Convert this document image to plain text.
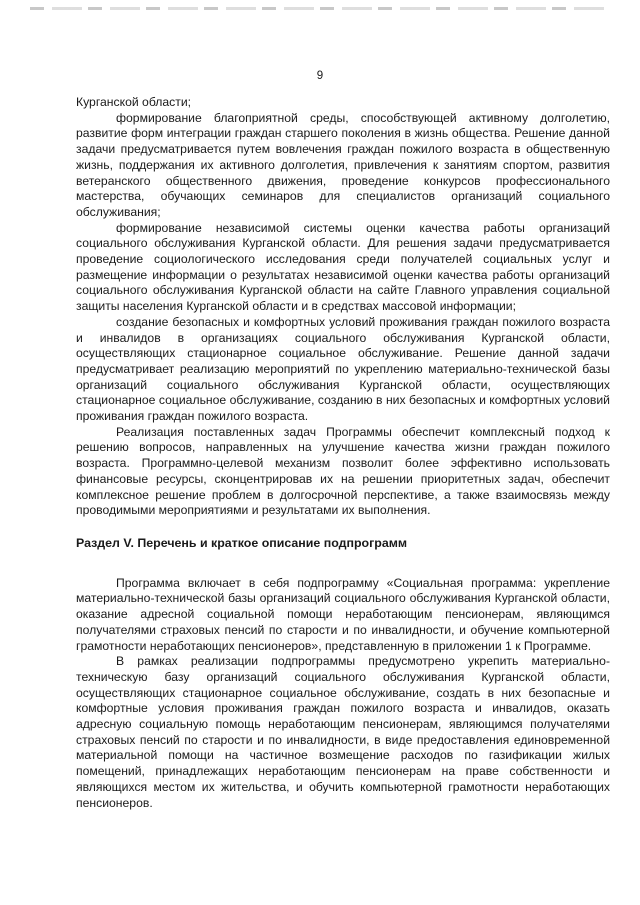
9

Курганской области;

формирование благоприятной среды, способствующей активному долголетию, развитие форм интеграции граждан старшего поколения в жизнь общества. Решение данной задачи предусматривается путем вовлечения граждан пожилого возраста в общественную жизнь, поддержания их активного долголетия, привлечения к занятиям спортом, развития ветеранского общественного движения, проведение конкурсов профессионального мастерства, обучающих семинаров для специалистов организаций социального обслуживания;

формирование независимой системы оценки качества работы организаций социального обслуживания Курганской области. Для решения задачи предусматривается проведение социологического исследования среди получателей социальных услуг и размещение информации о результатах независимой оценки качества работы организаций социального обслуживания Курганской области на сайте Главного управления социальной защиты населения Курганской области и в средствах массовой информации;

создание безопасных и комфортных условий проживания граждан пожилого возраста и инвалидов в организациях социального обслуживания Курганской области, осуществляющих стационарное социальное обслуживание. Решение данной задачи предусматривает реализацию мероприятий по укреплению материально-технической базы организаций социального обслуживания Курганской области, осуществляющих стационарное социальное обслуживание, созданию в них безопасных и комфортных условий проживания граждан пожилого возраста.

Реализация поставленных задач Программы обеспечит комплексный подход к решению вопросов, направленных на улучшение качества жизни граждан пожилого возраста. Программно-целевой механизм позволит более эффективно использовать финансовые ресурсы, сконцентрировав их на решении приоритетных задач, обеспечит комплексное решение проблем в долгосрочной перспективе, а также взаимосвязь между проводимыми мероприятиями и результатами их выполнения.

Раздел V. Перечень и краткое описание подпрограмм

Программа включает в себя подпрограмму «Социальная программа: укрепление материально-технической базы организаций социального обслуживания Курганской области, оказание адресной социальной помощи неработающим пенсионерам, являющимся получателями страховых пенсий по старости и по инвалидности, и обучение компьютерной грамотности неработающих пенсионеров», представленную в приложении 1 к Программе.

В рамках реализации подпрограммы предусмотрено укрепить материально-техническую базу организаций социального обслуживания Курганской области, осуществляющих стационарное социальное обслуживание, создать в них безопасные и комфортные условия проживания граждан пожилого возраста и инвалидов, оказать адресную социальную помощь неработающим пенсионерам, являющимся получателями страховых пенсий по старости и по инвалидности, в виде предоставления единовременной материальной помощи на частичное возмещение расходов по газификации жилых помещений, принадлежащих неработающим пенсионерам на праве собственности и являющихся местом их жительства, и обучить компьютерной грамотности неработающих пенсионеров.
